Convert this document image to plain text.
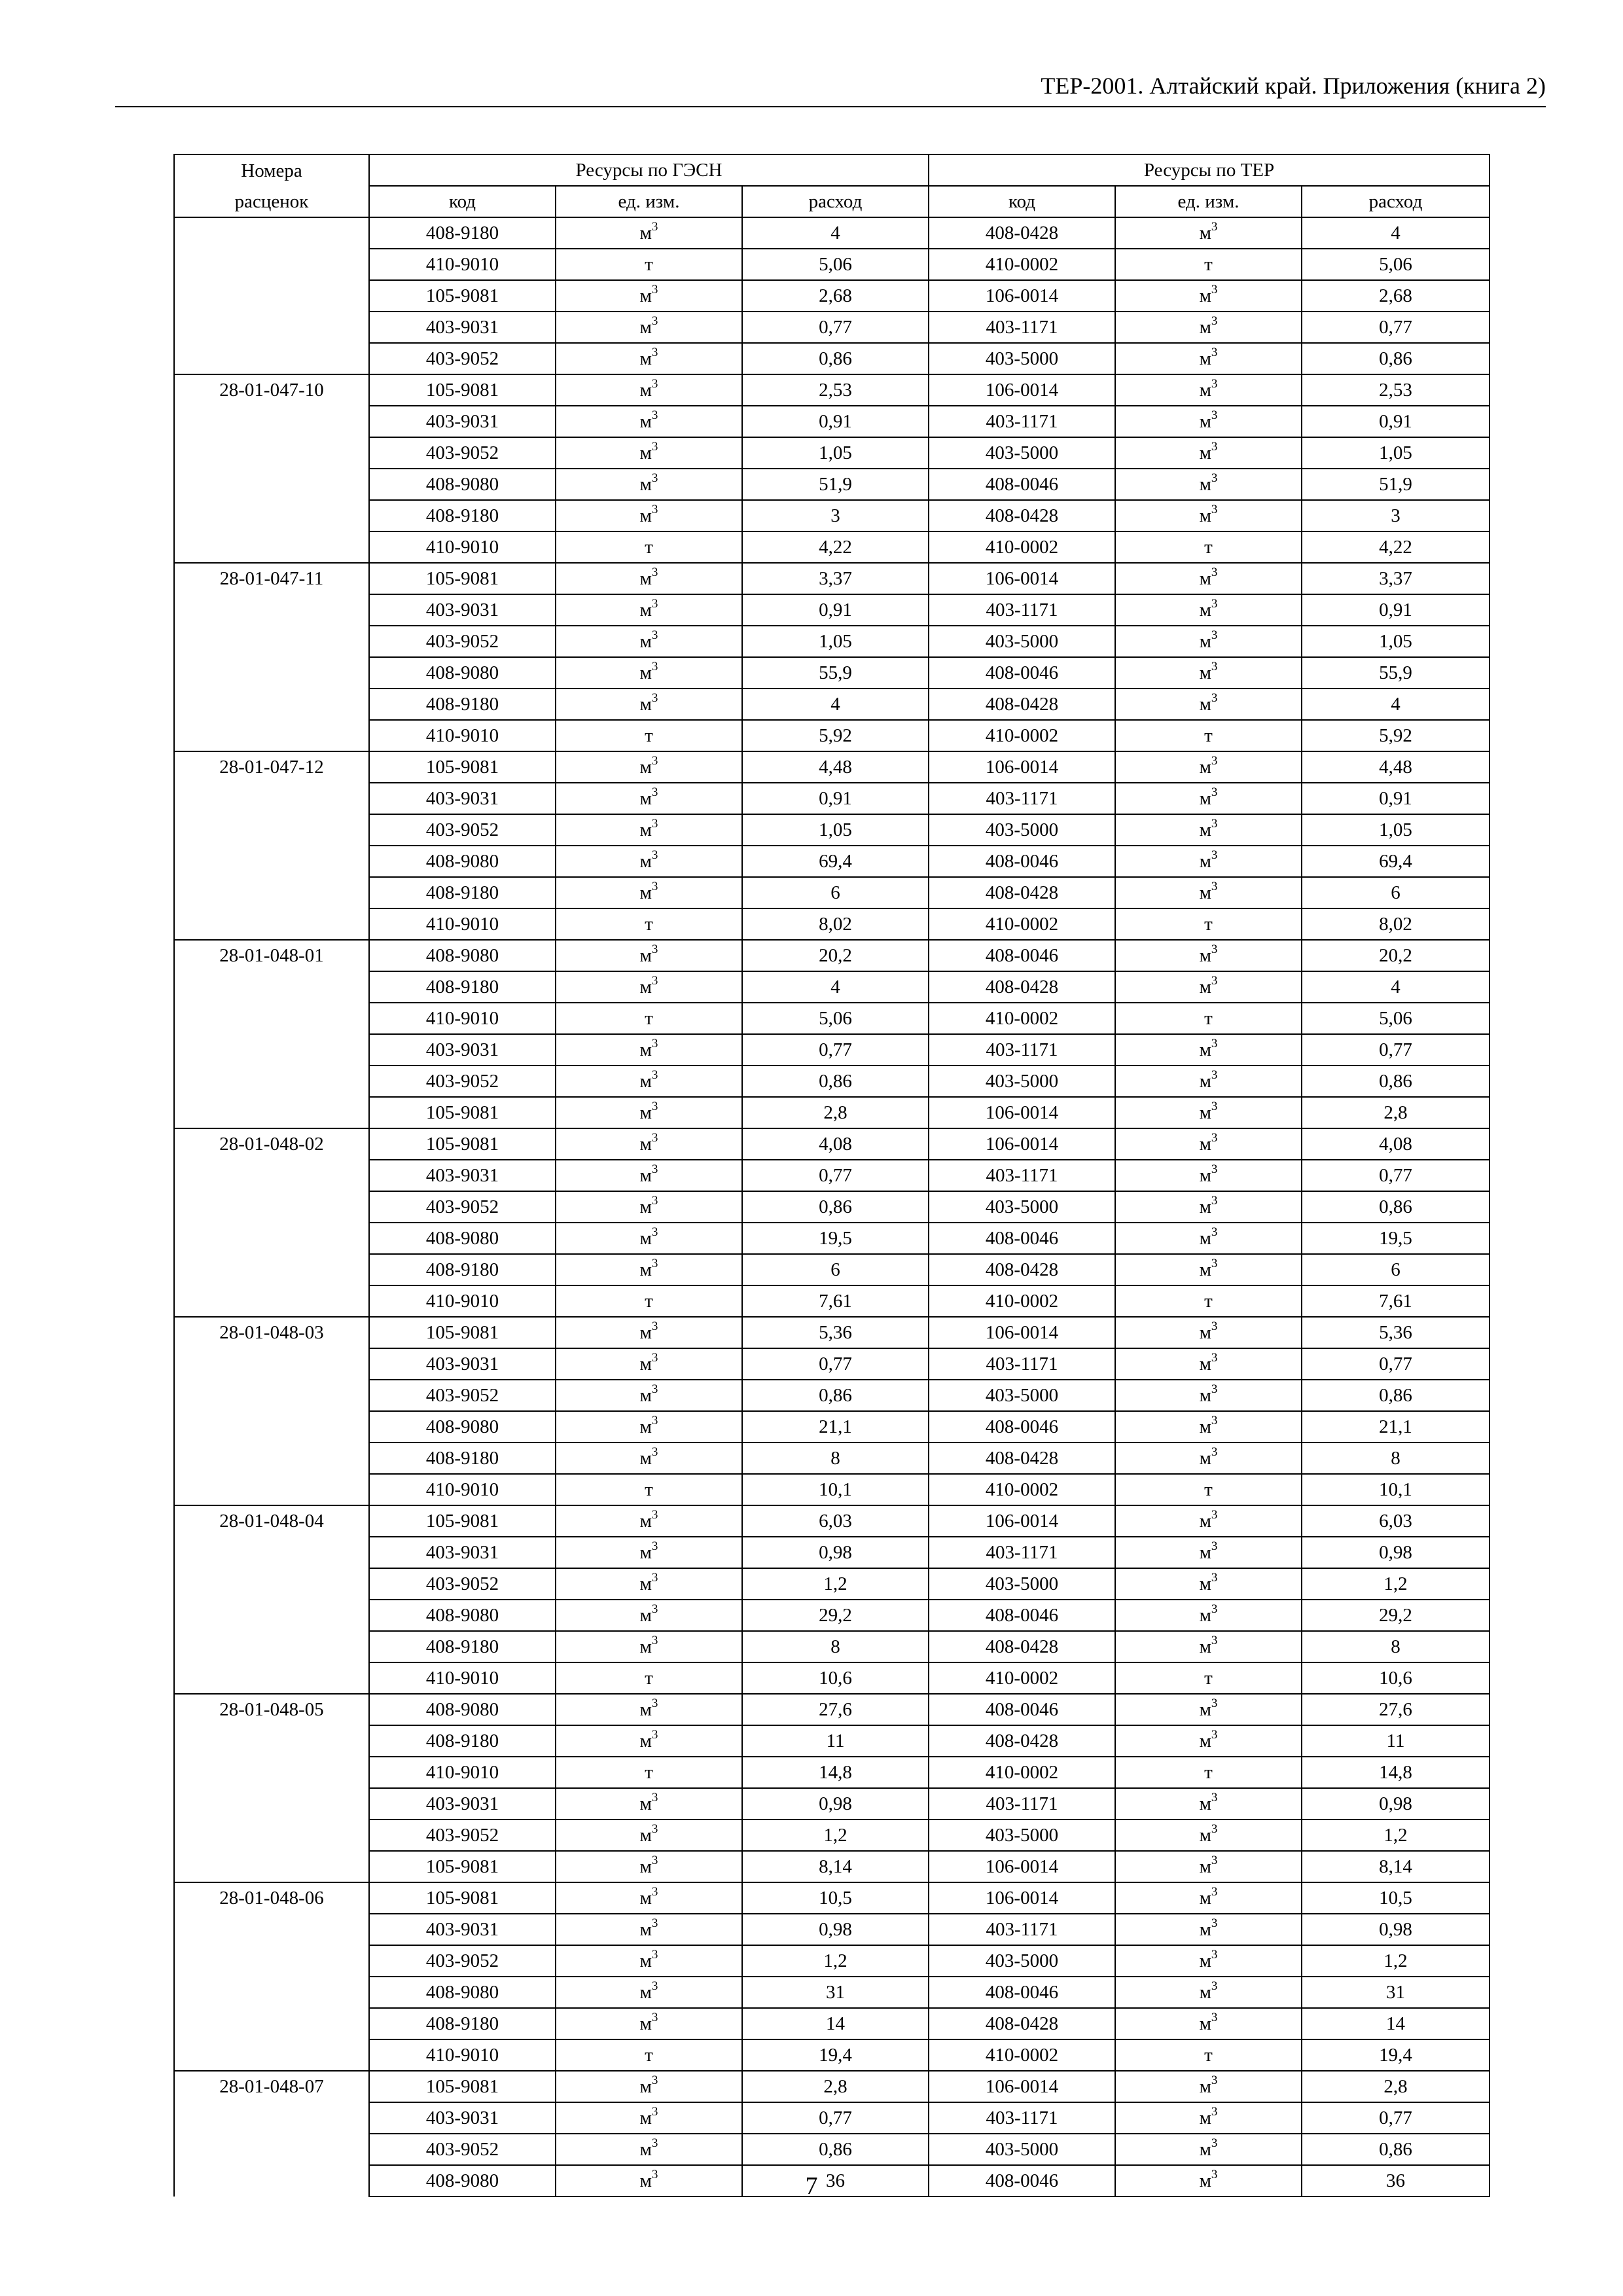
ТЕР-2001. Алтайский край. Приложения (книга 2)
Номера	Ресурсы по ГЭСН			Ресурсы по ТЕР		
расценок	код	ед. изм.	расход	код	ед. изм.	расход
	408-9180	$м^3$	4	408-0428	$м^3$	4
	410-9010	т	5,06	410-0002	т	5,06
	105-9081	$м^3$	2,68	106-0014	$м^3$	2,68
	403-9031	$м^3$	0,77	403-1171	$м^3$	0,77
	403-9052	$м^3$	0,86	403-5000	$м^3$	0,86
28-01-047-10	105-9081	$м^3$	2,53	106-0014	$м^3$	2,53
	403-9031	$м^3$	0,91	403-1171	$м^3$	0,91
	403-9052	$м^3$	1,05	403-5000	$м^3$	1,05
	408-9080	$м^3$	51,9	408-0046	$м^3$	51,9
	408-9180	$м^3$	3	408-0428	$м^3$	3
	410-9010	т	4,22	410-0002	т	4,22
28-01-047-11	105-9081	$м^3$	3,37	106-0014	$м^3$	3,37
	403-9031	$м^3$	0,91	403-1171	$м^3$	0,91
	403-9052	$м^3$	1,05	403-5000	$м^3$	1,05
	408-9080	$м^3$	55,9	408-0046	$м^3$	55,9
	408-9180	$м^3$	4	408-0428	$м^3$	4
	410-9010	т	5,92	410-0002	т	5,92
28-01-047-12	105-9081	$м^3$	4,48	106-0014	$м^3$	4,48
	403-9031	$м^3$	0,91	403-1171	$м^3$	0,91
	403-9052	$м^3$	1,05	403-5000	$м^3$	1,05
	408-9080	$м^3$	69,4	408-0046	$м^3$	69,4
	408-9180	$м^3$	6	408-0428	$м^3$	6
	410-9010	т	8,02	410-0002	т	8,02
28-01-048-01	408-9080	$м^3$	20,2	408-0046	$м^3$	20,2
	408-9180	$м^3$	4	408-0428	$м^3$	4
	410-9010	т	5,06	410-0002	т	5,06
	403-9031	$м^3$	0,77	403-1171	$м^3$	0,77
	403-9052	$м^3$	0,86	403-5000	$м^3$	0,86
	105-9081	$м^3$	2,8	106-0014	$м^3$	2,8
28-01-048-02	105-9081	$м^3$	4,08	106-0014	$м^3$	4,08
	403-9031	$м^3$	0,77	403-1171	$м^3$	0,77
	403-9052	$м^3$	0,86	403-5000	$м^3$	0,86
	408-9080	$м^3$	19,5	408-0046	$м^3$	19,5
	408-9180	$м^3$	6	408-0428	$м^3$	6
	410-9010	т	7,61	410-0002	т	7,61
28-01-048-03	105-9081	$м^3$	5,36	106-0014	$м^3$	5,36
	403-9031	$м^3$	0,77	403-1171	$м^3$	0,77
	403-9052	$м^3$	0,86	403-5000	$м^3$	0,86
	408-9080	$м^3$	21,1	408-0046	$м^3$	21,1
	408-9180	$м^3$	8	408-0428	$м^3$	8
	410-9010	т	10,1	410-0002	т	10,1
28-01-048-04	105-9081	$м^3$	6,03	106-0014	$м^3$	6,03
	403-9031	$м^3$	0,98	403-1171	$м^3$	0,98
	403-9052	$м^3$	1,2	403-5000	$м^3$	1,2
	408-9080	$м^3$	29,2	408-0046	$м^3$	29,2
	408-9180	$м^3$	8	408-0428	$м^3$	8
	410-9010	т	10,6	410-0002	т	10,6
28-01-048-05	408-9080	$м^3$	27,6	408-0046	$м^3$	27,6
	408-9180	$м^3$	11	408-0428	$м^3$	11
	410-9010	т	14,8	410-0002	т	14,8
	403-9031	$м^3$	0,98	403-1171	$м^3$	0,98
	403-9052	$м^3$	1,2	403-5000	$м^3$	1,2
	105-9081	$м^3$	8,14	106-0014	$м^3$	8,14
28-01-048-06	105-9081	$м^3$	10,5	106-0014	$м^3$	10,5
	403-9031	$м^3$	0,98	403-1171	$м^3$	0,98
	403-9052	$м^3$	1,2	403-5000	$м^3$	1,2
	408-9080	$м^3$	31	408-0046	$м^3$	31
	408-9180	$м^3$	14	408-0428	$м^3$	14
	410-9010	т	19,4	410-0002	т	19,4
28-01-048-07	105-9081	$м^3$	2,8	106-0014	$м^3$	2,8
	403-9031	$м^3$	0,77	403-1171	$м^3$	0,77
	403-9052	$м^3$	0,86	403-5000	$м^3$	0,86
	408-9080	$м^3$	36	408-0046	$м^3$	36
7
